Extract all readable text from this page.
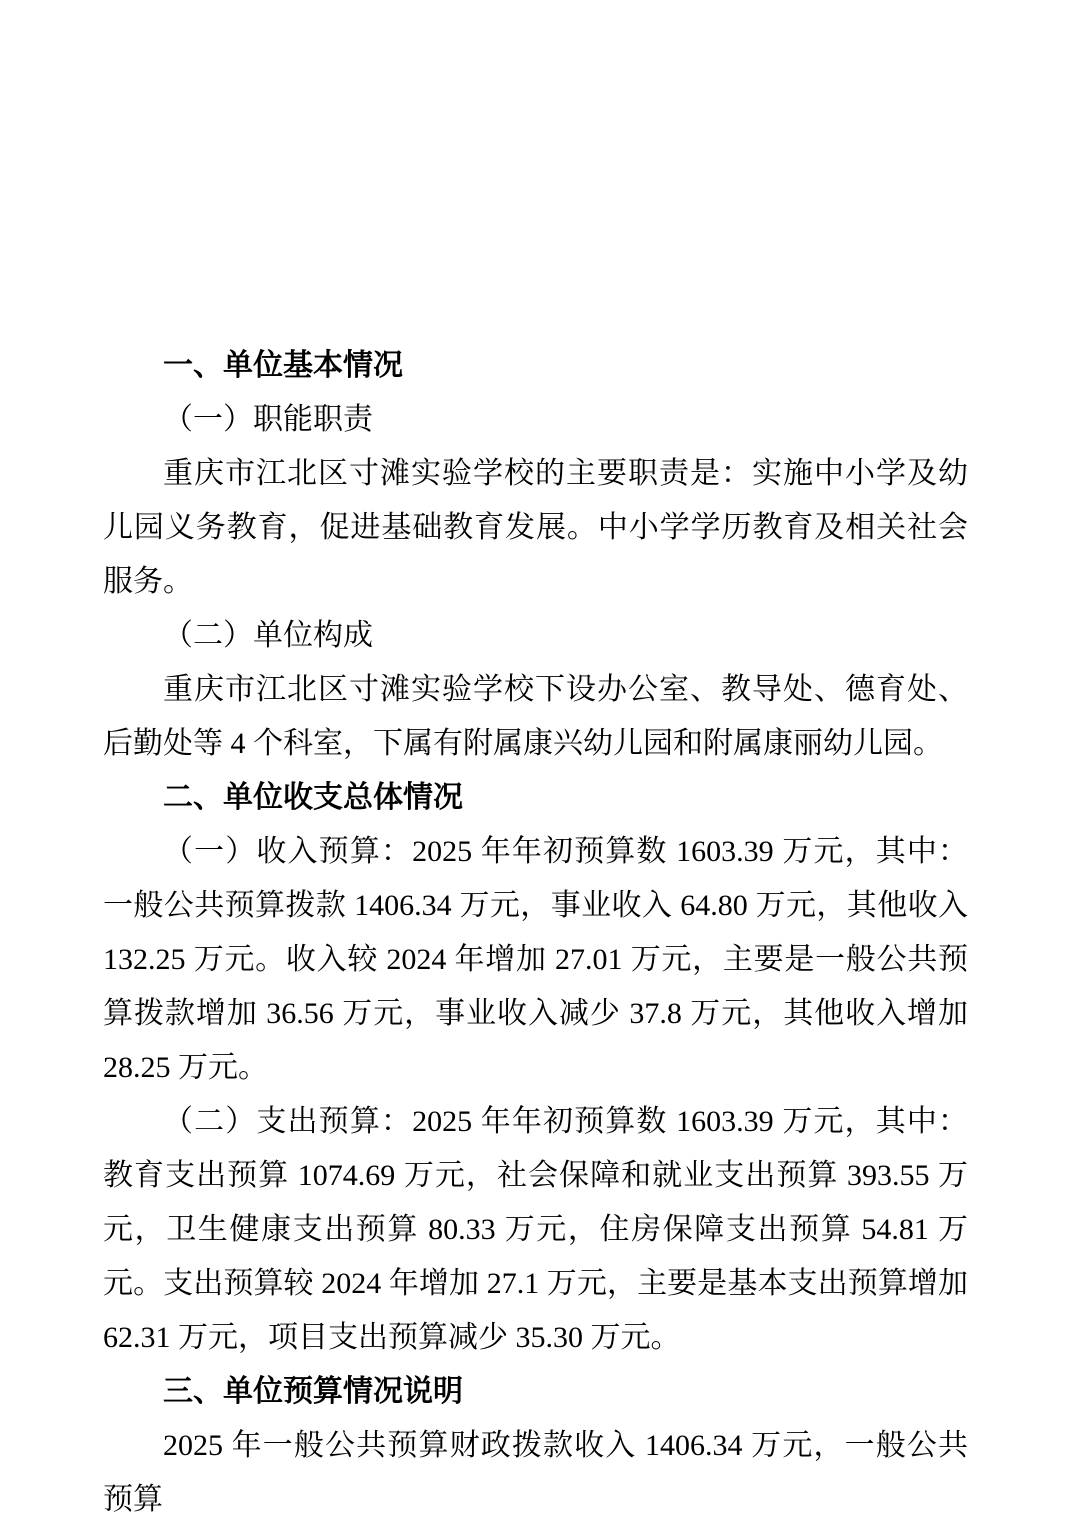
一、单位基本情况
（一）职能职责

重庆市江北区寸滩实验学校的主要职责是：实施中小学及幼儿园义务教育，促进基础教育发展。中小学学历教育及相关社会服务。

（二）单位构成

重庆市江北区寸滩实验学校下设办公室、教导处、德育处、后勤处等 4 个科室，下属有附属康兴幼儿园和附属康丽幼儿园。

二、单位收支总体情况

（一）收入预算：2025 年年初预算数 1603.39 万元，其中：一般公共预算拨款 1406.34 万元，事业收入 64.80 万元，其他收入 132.25 万元。收入较 2024 年增加 27.01 万元，主要是一般公共预算拨款增加 36.56 万元，事业收入减少 37.8 万元，其他收入增加 28.25 万元。

（二）支出预算：2025 年年初预算数 1603.39 万元，其中：教育支出预算 1074.69 万元，社会保障和就业支出预算 393.55 万元，卫生健康支出预算 80.33 万元，住房保障支出预算 54.81 万元。支出预算较 2024 年增加 27.1 万元，主要是基本支出预算增加 62.31 万元，项目支出预算减少 35.30 万元。

三、单位预算情况说明

2025 年一般公共预算财政拨款收入 1406.34 万元，一般公共预算
